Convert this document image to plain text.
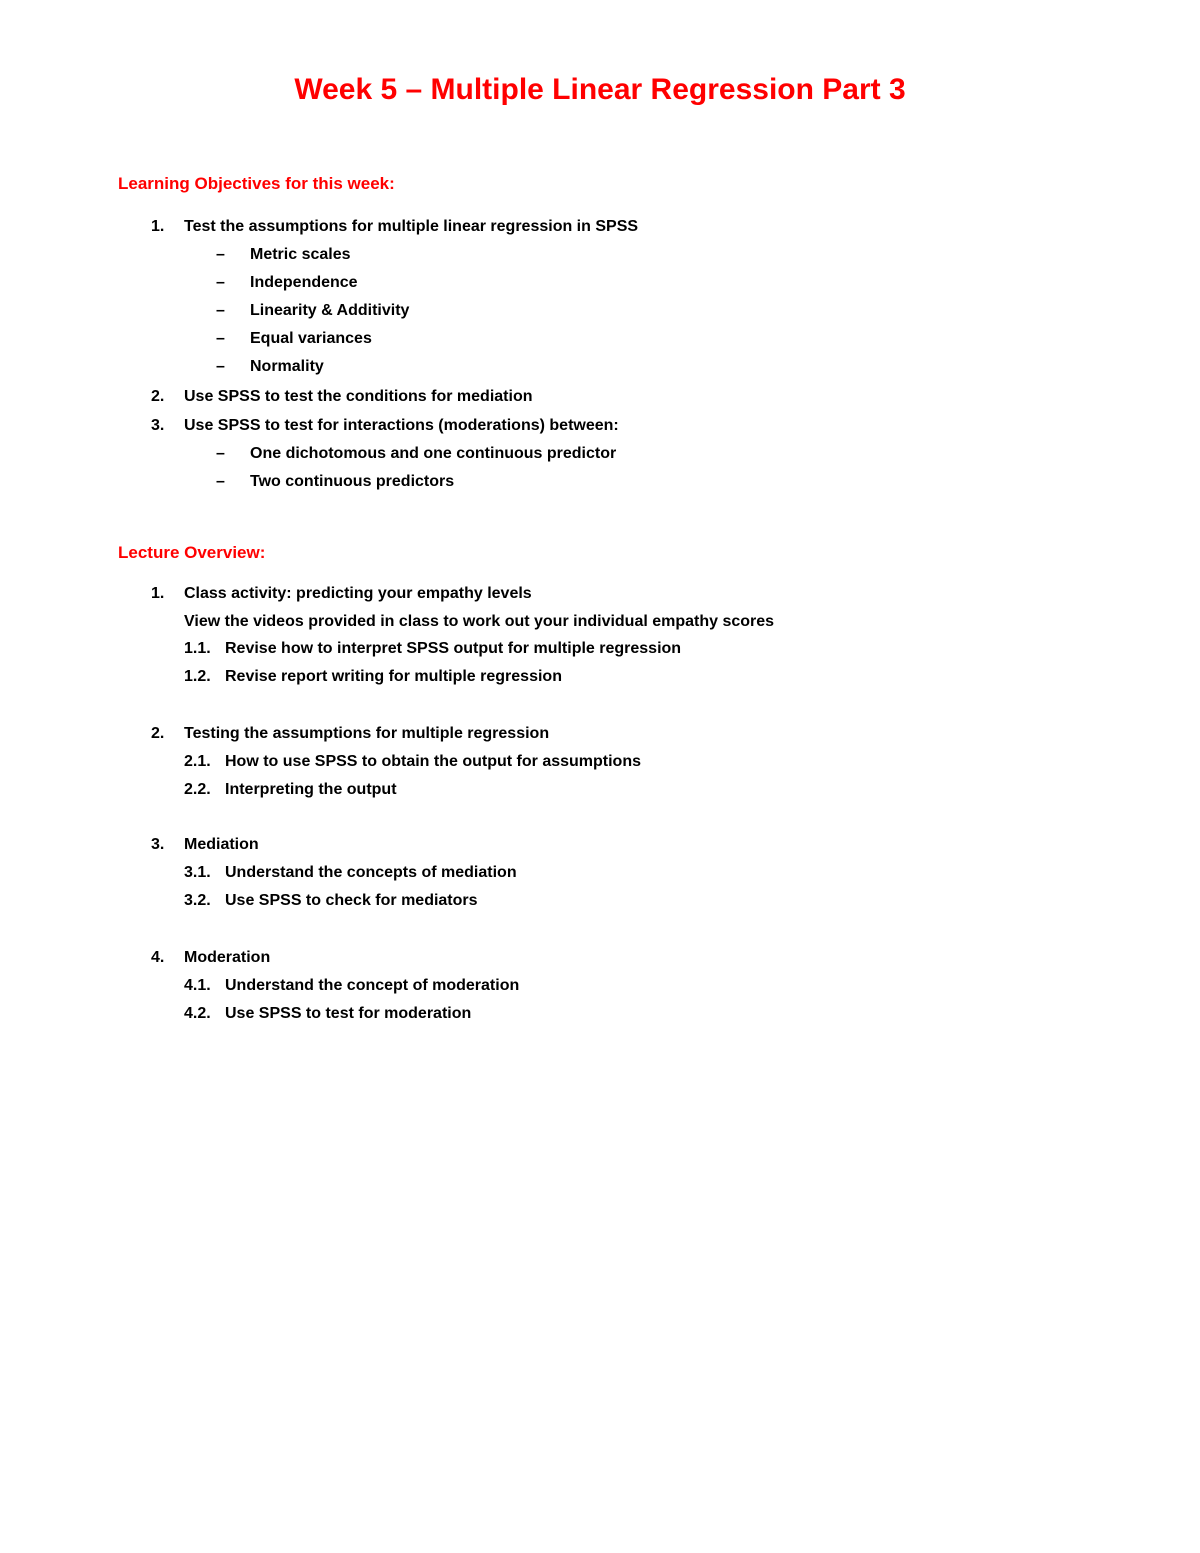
Week 5 – Multiple Linear Regression Part 3
Learning Objectives for this week:
1. Test the assumptions for multiple linear regression in SPSS
– Metric scales
– Independence
– Linearity & Additivity
– Equal variances
– Normality
2. Use SPSS to test the conditions for mediation
3. Use SPSS to test for interactions (moderations) between:
– One dichotomous and one continuous predictor
– Two continuous predictors
Lecture Overview:
1. Class activity: predicting your empathy levels
View the videos provided in class to work out your individual empathy scores
1.1. Revise how to interpret SPSS output for multiple regression
1.2. Revise report writing for multiple regression
2. Testing the assumptions for multiple regression
2.1. How to use SPSS to obtain the output for assumptions
2.2. Interpreting the output
3. Mediation
3.1. Understand the concepts of mediation
3.2. Use SPSS to check for mediators
4. Moderation
4.1. Understand the concept of moderation
4.2. Use SPSS to test for moderation
